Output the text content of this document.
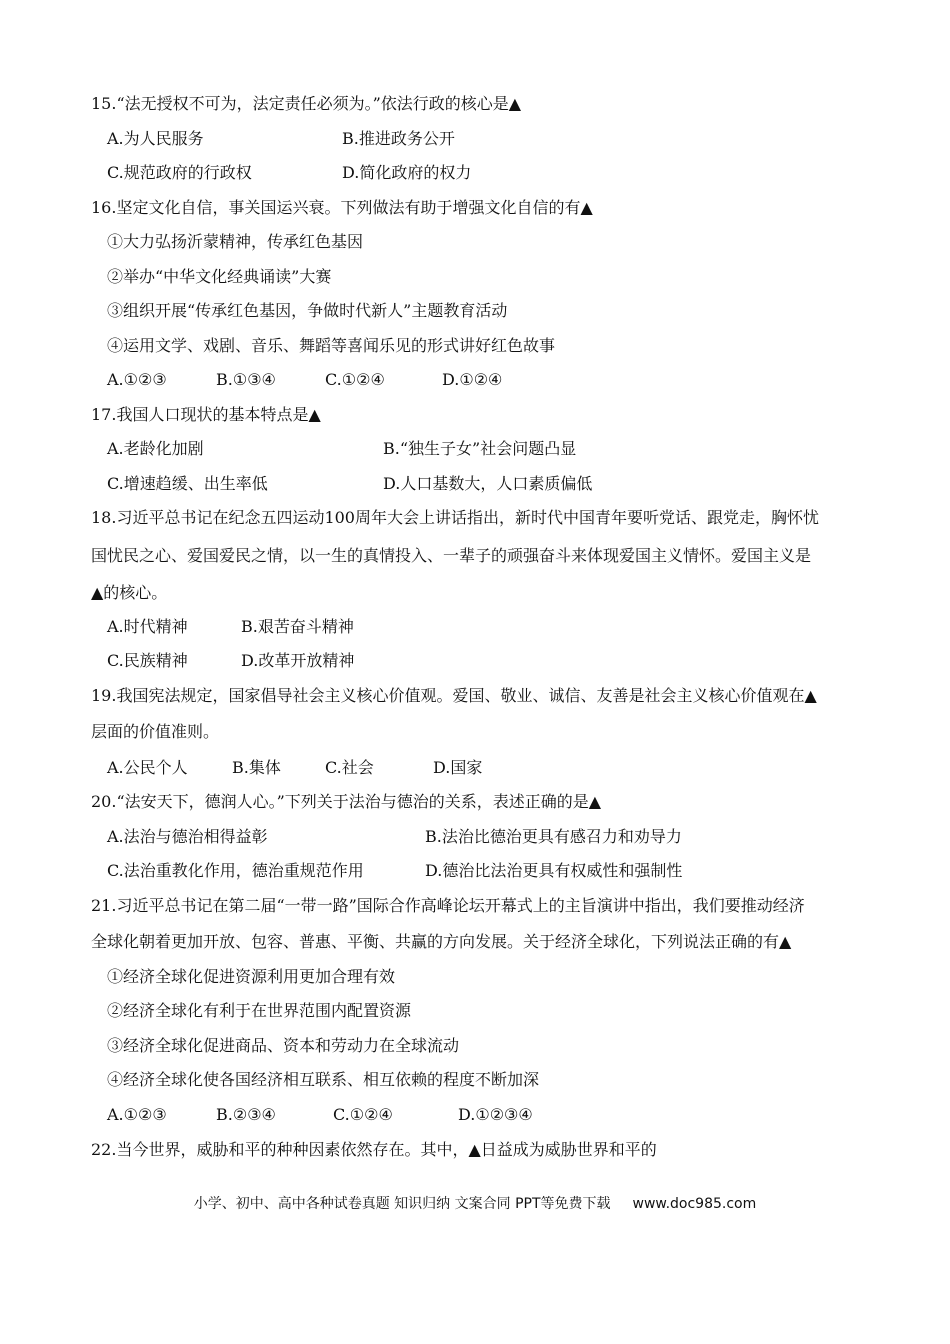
15.“法无授权不可为，法定责任必须为。”依法行政的核心是▲
A.为人民服务	B.推进政务公开
C.规范政府的行政权	D.简化政府的权力
16.坚定文化自信，事关国运兴衰。下列做法有助于增强文化自信的有▲
①大力弘扬沂蒙精神，传承红色基因
②举办“中华文化经典诵读”大赛
③组织开展“传承红色基因，争做时代新人”主题教育活动
④运用文学、戏剧、音乐、舞蹈等喜闻乐见的形式讲好红色故事
A.①②③	B.①③④	C.①②④	D.①②④
17.我国人口现状的基本特点是▲
A.老龄化加剧	B.“独生子女”社会问题凸显
C.增速趋缓、出生率低	D.人口基数大，人口素质偏低
18.习近平总书记在纪念五四运动100周年大会上讲话指出，新时代中国青年要听党话、跟党走，胸怀忧
国忧民之心、爱国爱民之情，以一生的真情投入、一辈子的顽强奋斗来体现爱国主义情怀。爱国主义是
▲的核心。
A.时代精神	B.艰苦奋斗精神
C.民族精神	D.改革开放精神
19.我国宪法规定，国家倡导社会主义核心价值观。爱国、敬业、诚信、友善是社会主义核心价值观在▲
层面的价值准则。
A.公民个人	B.集体	C.社会	D.国家
20.“法安天下，德润人心。”下列关于法治与德治的关系，表述正确的是▲
A.法治与德治相得益彰	B.法治比德治更具有感召力和劝导力
C.法治重教化作用，德治重规范作用	D.德治比法治更具有权威性和强制性
21.习近平总书记在第二届“一带一路”国际合作高峰论坛开幕式上的主旨演讲中指出，我们要推动经济
全球化朝着更加开放、包容、普惠、平衡、共赢的方向发展。关于经济全球化，下列说法正确的有▲
①经济全球化促进资源利用更加合理有效
②经济全球化有利于在世界范围内配置资源
③经济全球化促进商品、资本和劳动力在全球流动
④经济全球化使各国经济相互联系、相互依赖的程度不断加深
A.①②③	B.②③④	C.①②④	D.①②③④
22.当今世界，威胁和平的种种因素依然存在。其中，▲日益成为威胁世界和平的
小学、初中、高中各种试卷真题 知识归纳 文案合同 PPT等免费下载 www.doc985.com
